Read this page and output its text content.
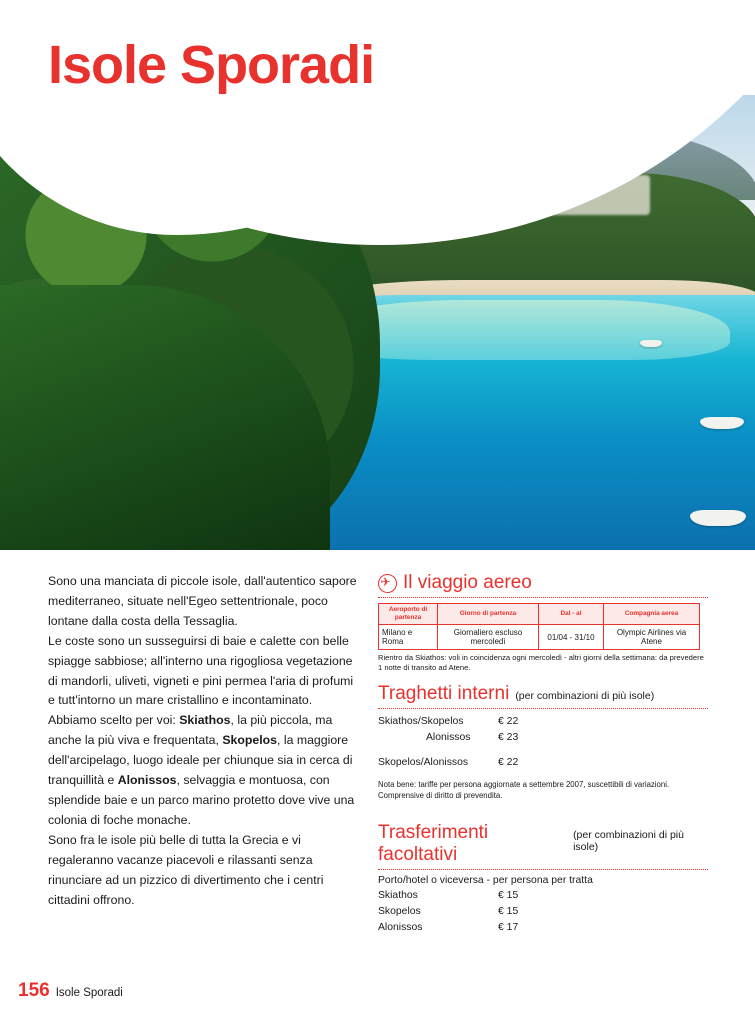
Isole Sporadi

Sono una manciata di piccole isole, dall'autentico sapore mediterraneo, situate nell'Egeo settentrionale, poco lontane dalla costa della Tessaglia.

Le coste sono un susseguirsi di baie e calette con belle spiagge sabbiose; all'interno una rigogliosa vegetazione di mandorli, uliveti, vigneti e pini permea l'aria di profumi e tutt'intorno un mare cristallino e incontaminato.

Abbiamo scelto per voi: Skiathos, la più piccola, ma anche la più viva e frequentata, Skopelos, la maggiore dell'arcipelago, luogo ideale per chiunque sia in cerca di tranquillità e Alonissos, selvaggia e montuosa, con splendide baie e un parco marino protetto dove vive una colonia di foche monache.

Sono fra le isole più belle di tutta la Grecia e vi regaleranno vacanze piacevoli e rilassanti senza rinunciare ad un pizzico di divertimento che i centri cittadini offrono.

✈
Il viaggio aereo
Aeroporto di partenza	Giorno di partenza	Dal - al	Compagnia aerea
Milano e Roma	Giornaliero escluso mercoledì	01/04 - 31/10	Olympic Airlines via Atene
Rientro da Skiathos: voli in coincidenza ogni mercoledì - altri giorni della settimana: da prevedere 1 notte di transito ad Atene.
Traghetti interni (per combinazioni di più isole)
Skiathos/Skopelos	€ 22
Alonissos	€ 23
Skopelos/Alonissos	€ 22
Nota bene: tariffe per persona aggiornate a settembre 2007, suscettibili di variazioni. Comprensive di diritto di prevendita.
Trasferimenti facoltativi
(per combinazioni di più isole)
Porto/hotel o viceversa - per persona per tratta
Skiathos	€ 15
Skopelos	€ 15
Alonissos	€ 17
156 Isole Sporadi
